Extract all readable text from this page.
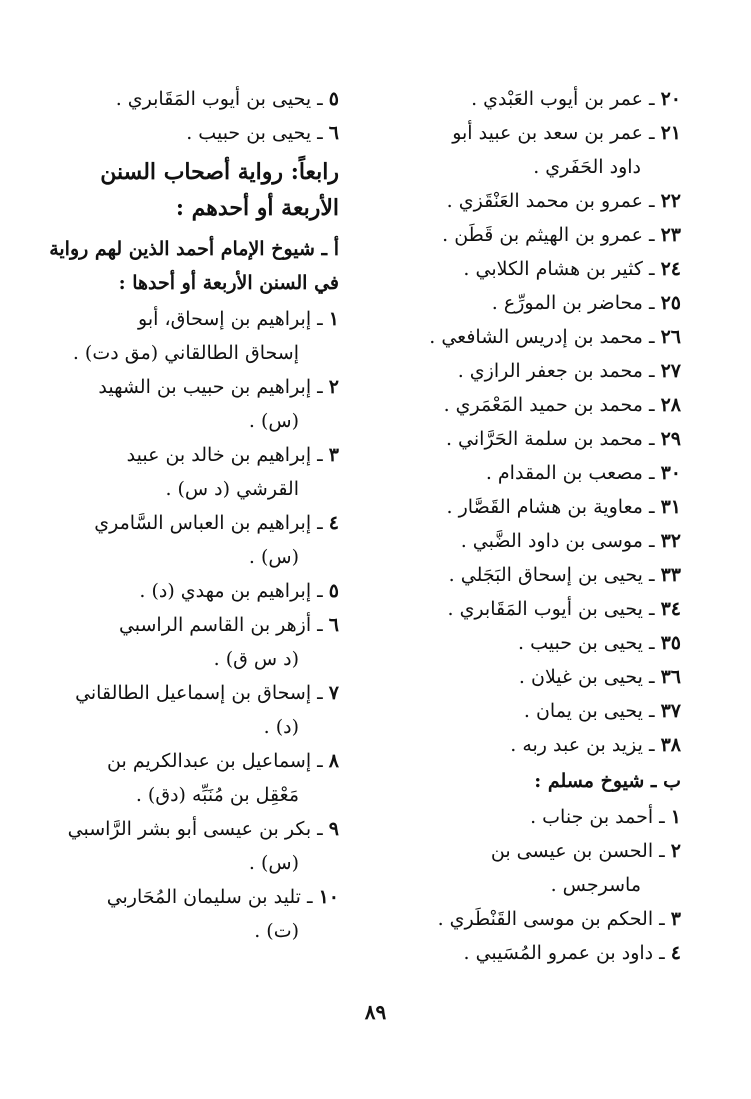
٢٠ ـ عمر بن أيوب العَبْدي .
٢١ ـ عمر بن سعد بن عبيد أبو
داود الحَفَري .
٢٢ ـ عمرو بن محمد العَنْقَزي .
٢٣ ـ عمرو بن الهيثم بن قَطَن .
٢٤ ـ كثير بن هشام الكلابي .
٢٥ ـ محاضر بن المورِّع .
٢٦ ـ محمد بن إدريس الشافعي .
٢٧ ـ محمد بن جعفر الرازي .
٢٨ ـ محمد بن حميد المَعْمَري .
٢٩ ـ محمد بن سلمة الحَرَّاني .
٣٠ ـ مصعب بن المقدام .
٣١ ـ معاوية بن هشام القَصَّار .
٣٢ ـ موسى بن داود الضَّبي .
٣٣ ـ يحيى بن إسحاق البَجَلي .
٣٤ ـ يحيى بن أيوب المَقَابري .
٣٥ ـ يحيى بن حبيب .
٣٦ ـ يحيى بن غيلان .
٣٧ ـ يحيى بن يمان .
٣٨ ـ يزيد بن عبد ربه .
ب ـ شيوخ مسلم :
١ ـ أحمد بن جناب .
٢ ـ الحسن بن عيسى بن
ماسرجس .
٣ ـ الحكم بن موسى القَنْطَري .
٤ ـ داود بن عمرو المُسَيبي .
٥ ـ يحيى بن أيوب المَقَابري .
٦ ـ يحيى بن حبيب .
رابعاً: رواية أصحاب السنن الأربعة أو أحدهم :
أ ـ شيوخ الإمام أحمد الذين لهم رواية في السنن الأربعة أو أحدها :
١ ـ إبراهيم بن إسحاق، أبو
إسحاق الطالقاني (مق دت) .
٢ ـ إبراهيم بن حبيب بن الشهيد
(س) .
٣ ـ إبراهيم بن خالد بن عبيد
القرشي (د س) .
٤ ـ إبراهيم بن العباس السَّامري
(س) .
٥ ـ إبراهيم بن مهدي (د) .
٦ ـ أزهر بن القاسم الراسبي
(د س ق) .
٧ ـ إسحاق بن إسماعيل الطالقاني
(د) .
٨ ـ إسماعيل بن عبدالكريم بن
مَعْقِل بن مُنَبِّه (دق) .
٩ ـ بكر بن عيسى أبو بشر الرَّاسبي
(س) .
١٠ ـ تليد بن سليمان المُحَاربي
(ت) .
٨٩
